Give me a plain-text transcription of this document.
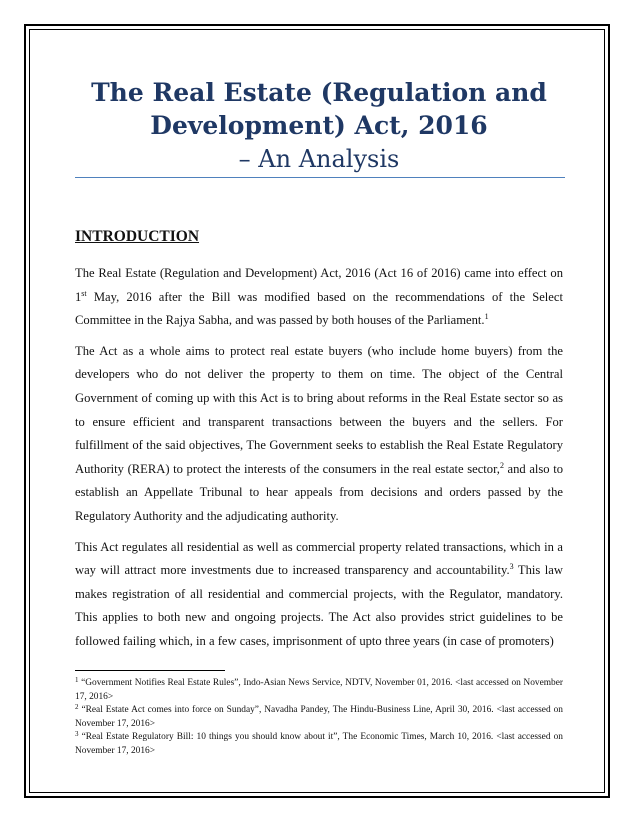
The Real Estate (Regulation and

Development) Act, 2016

– An Analysis

INTRODUCTION

The Real Estate (Regulation and Development) Act, 2016 (Act 16 of 2016) came into effect on 1st May, 2016 after the Bill was modified based on the recommendations of the Select Committee in the Rajya Sabha, and was passed by both houses of the Parliament.$^1$

The Act as a whole aims to protect real estate buyers (who include home buyers) from the developers who do not deliver the property to them on time. The object of the Central Government of coming up with this Act is to bring about reforms in the Real Estate sector so as to ensure efficient and transparent transactions between the buyers and the sellers. For fulfillment of the said objectives, The Government seeks to establish the Real Estate Regulatory Authority (RERA) to protect the interests of the consumers in the real estate sector,$^2$ and also to establish an Appellate Tribunal to hear appeals from decisions and orders passed by the Regulatory Authority and the adjudicating authority.

This Act regulates all residential as well as commercial property related transactions, which in a way will attract more investments due to increased transparency and accountability.$^3$ This law makes registration of all residential and commercial projects, with the Regulator, mandatory. This applies to both new and ongoing projects. The Act also provides strict guidelines to be followed failing which, in a few cases, imprisonment of upto three years (in case of promoters)

$^1$ “Government Notifies Real Estate Rules”, Indo-Asian News Service, NDTV, November 01, 2016. <last accessed on November 17, 2016>

$^2$ “Real Estate Act comes into force on Sunday”, Navadha Pandey, The Hindu-Business Line, April 30, 2016. <last accessed on November 17, 2016>

$^3$ “Real Estate Regulatory Bill: 10 things you should know about it”, The Economic Times, March 10, 2016. <last accessed on November 17, 2016>
